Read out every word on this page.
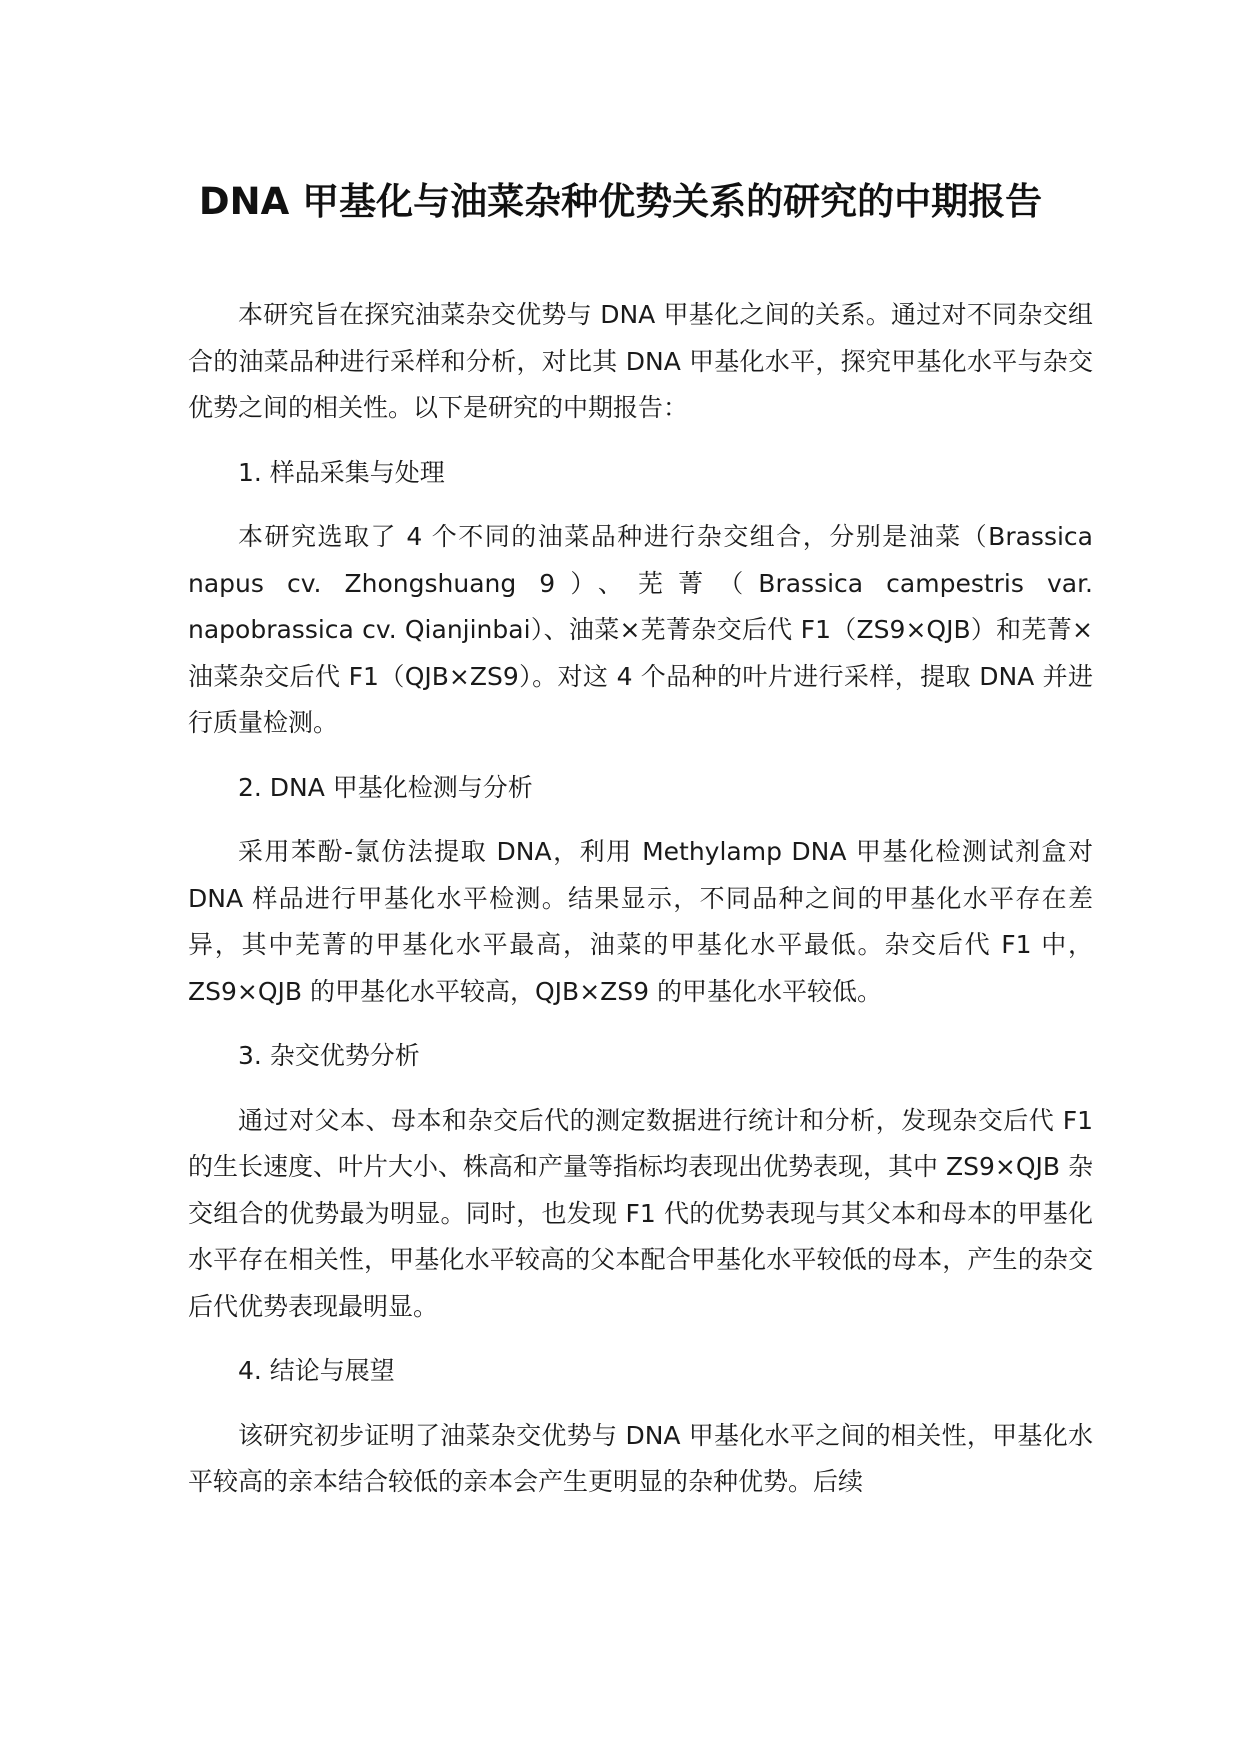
DNA 甲基化与油菜杂种优势关系的研究的中期报告

本研究旨在探究油菜杂交优势与 DNA 甲基化之间的关系。通过对不同杂交组合的油菜品种进行采样和分析，对比其 DNA 甲基化水平，探究甲基化水平与杂交优势之间的相关性。以下是研究的中期报告：

1. 样品采集与处理

本研究选取了 4 个不同的油菜品种进行杂交组合，分别是油菜（Brassica napus cv. Zhongshuang 9）、芜菁（Brassica campestris var. napobrassica cv. Qianjinbai）、油菜×芜菁杂交后代 F1（ZS9×QJB）和芜菁×油菜杂交后代 F1（QJB×ZS9）。对这 4 个品种的叶片进行采样，提取 DNA 并进行质量检测。

2. DNA 甲基化检测与分析

采用苯酚-氯仿法提取 DNA，利用 Methylamp DNA 甲基化检测试剂盒对 DNA 样品进行甲基化水平检测。结果显示，不同品种之间的甲基化水平存在差异，其中芜菁的甲基化水平最高，油菜的甲基化水平最低。杂交后代 F1 中，ZS9×QJB 的甲基化水平较高，QJB×ZS9 的甲基化水平较低。

3. 杂交优势分析

通过对父本、母本和杂交后代的测定数据进行统计和分析，发现杂交后代 F1 的生长速度、叶片大小、株高和产量等指标均表现出优势表现，其中 ZS9×QJB 杂交组合的优势最为明显。同时，也发现 F1 代的优势表现与其父本和母本的甲基化水平存在相关性，甲基化水平较高的父本配合甲基化水平较低的母本，产生的杂交后代优势表现最明显。

4. 结论与展望

该研究初步证明了油菜杂交优势与 DNA 甲基化水平之间的相关性，甲基化水平较高的亲本结合较低的亲本会产生更明显的杂种优势。后续
